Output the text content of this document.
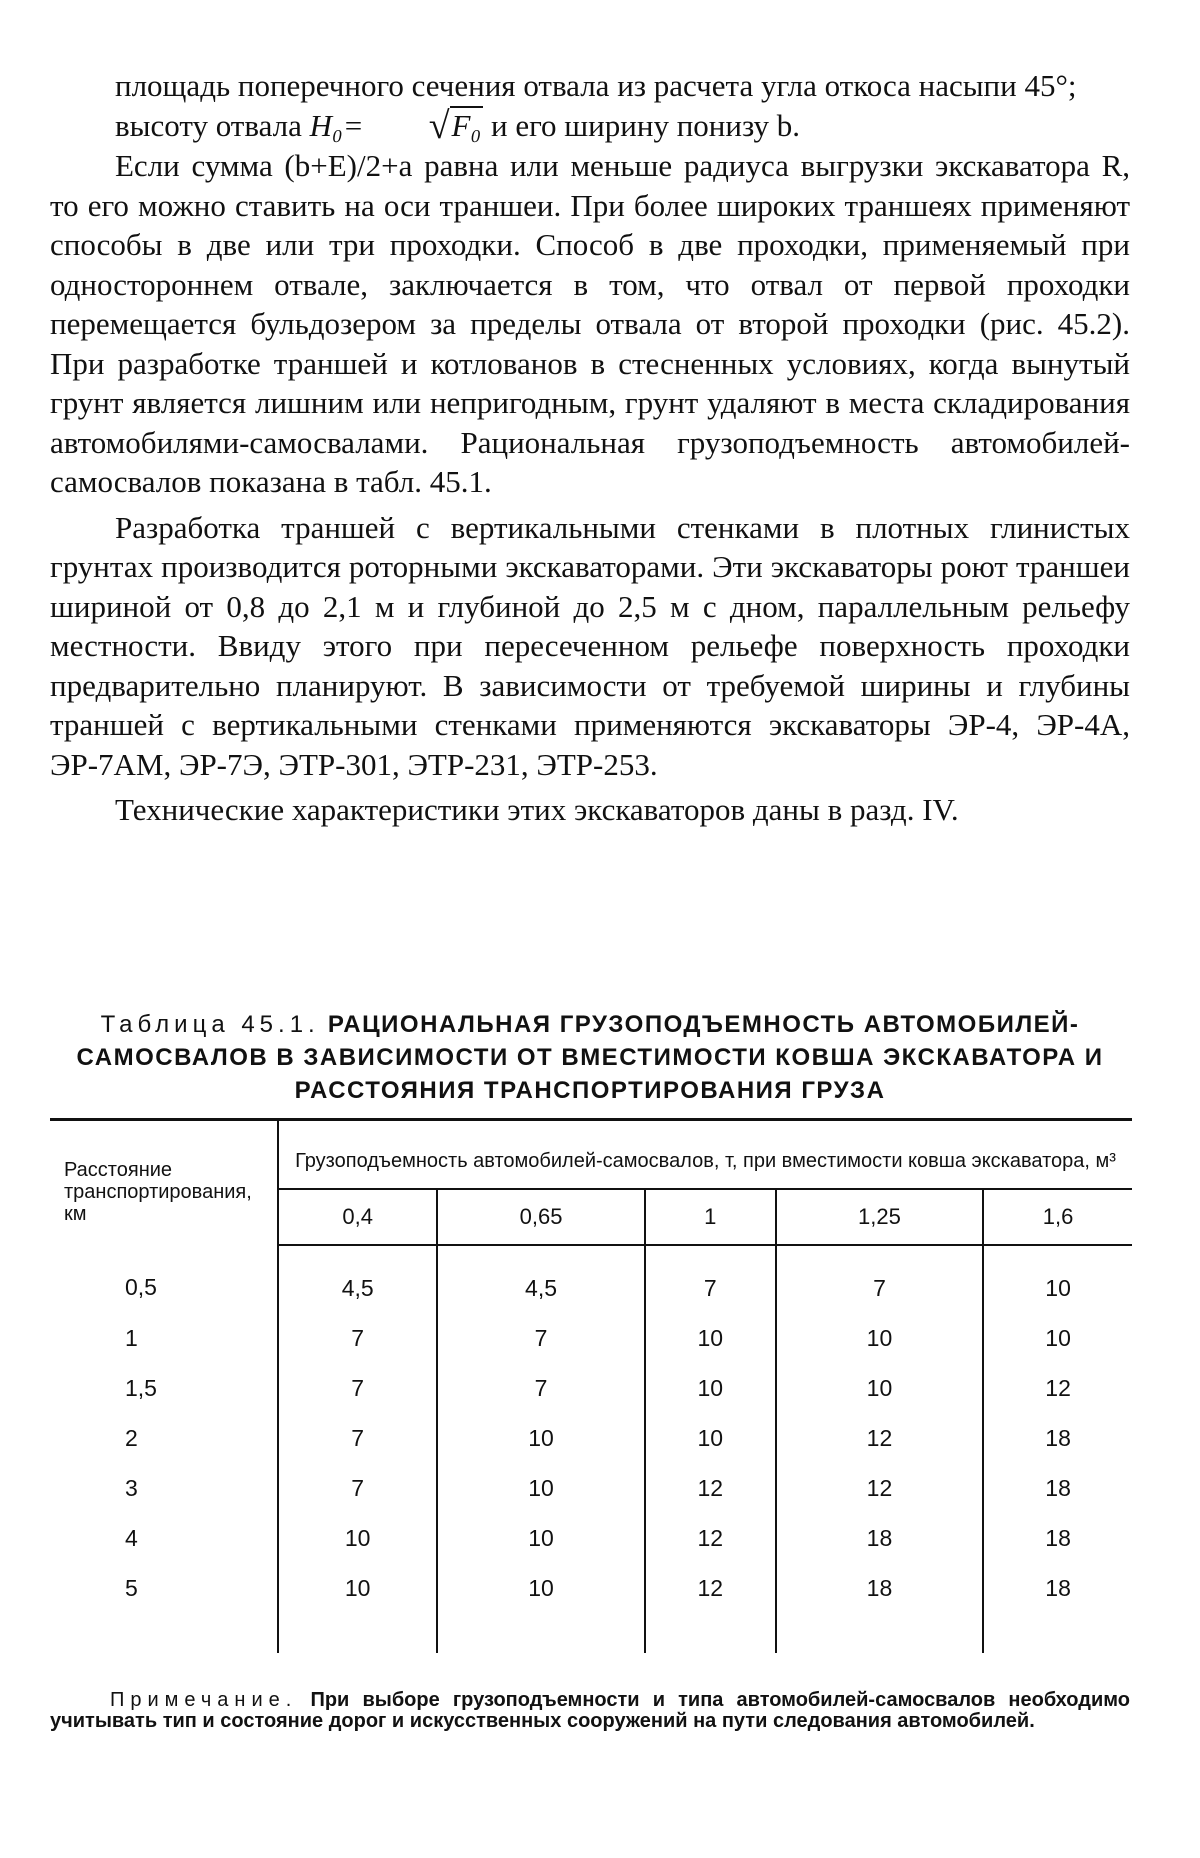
площадь поперечного сечения отвала из расчета угла откоса насыпи 45°;

высоту отвала H₀= √F₀ и его ширину понизу b.

Если сумма (b+E)/2+a равна или меньше радиуса выгрузки экскаватора R, то его можно ставить на оси траншеи. При более широких траншеях применяют способы в две или три проходки. Способ в две проходки, применяемый при одностороннем отвале, заключается в том, что отвал от первой проходки перемещается бульдозером за пределы отвала от второй проходки (рис. 45.2). При разработке траншей и котлованов в стесненных условиях, когда вынутый грунт является лишним или непригодным, грунт удаляют в места складирования автомобилями-самосвалами. Рациональная грузоподъемность автомобилей-самосвалов показана в табл. 45.1.

Разработка траншей с вертикальными стенками в плотных глинистых грунтах производится роторными экскаваторами. Эти экскаваторы роют траншеи шириной от 0,8 до 2,1 м и глубиной до 2,5 м с дном, параллельным рельефу местности. Ввиду этого при пересеченном рельефе поверхность проходки предварительно планируют. В зависимости от требуемой ширины и глубины траншей с вертикальными стенками применяются экскаваторы ЭР-4, ЭР-4А, ЭР-7АМ, ЭР-7Э, ЭТР-301, ЭТР-231, ЭТР-253.

Технические характеристики этих экскаваторов даны в разд. IV.

Таблица 45.1. РАЦИОНАЛЬНАЯ ГРУЗОПОДЪЕМНОСТЬ АВТОМОБИЛЕЙ-САМОСВАЛОВ В ЗАВИСИМОСТИ ОТ ВМЕСТИМОСТИ КОВША ЭКСКАВАТОРА И РАССТОЯНИЯ ТРАНСПОРТИРОВАНИЯ ГРУЗА
Расстояние транспортирования, км	Грузоподъемность автомобилей-самосвалов, т, при вместимости ковша экскаватора, м³				
	0,4	0,65	1	1,25	1,6
0,5	4,5	4,5	7	7	10
1	7	7	10	10	10
1,5	7	7	10	10	12
2	7	10	10	12	18
3	7	10	12	12	18
4	10	10	12	18	18
5	10	10	12	18	18

Примечание. При выборе грузоподъемности и типа автомобилей-самосвалов необходимо учитывать тип и состояние дорог и искусственных сооружений на пути следования автомобилей.
